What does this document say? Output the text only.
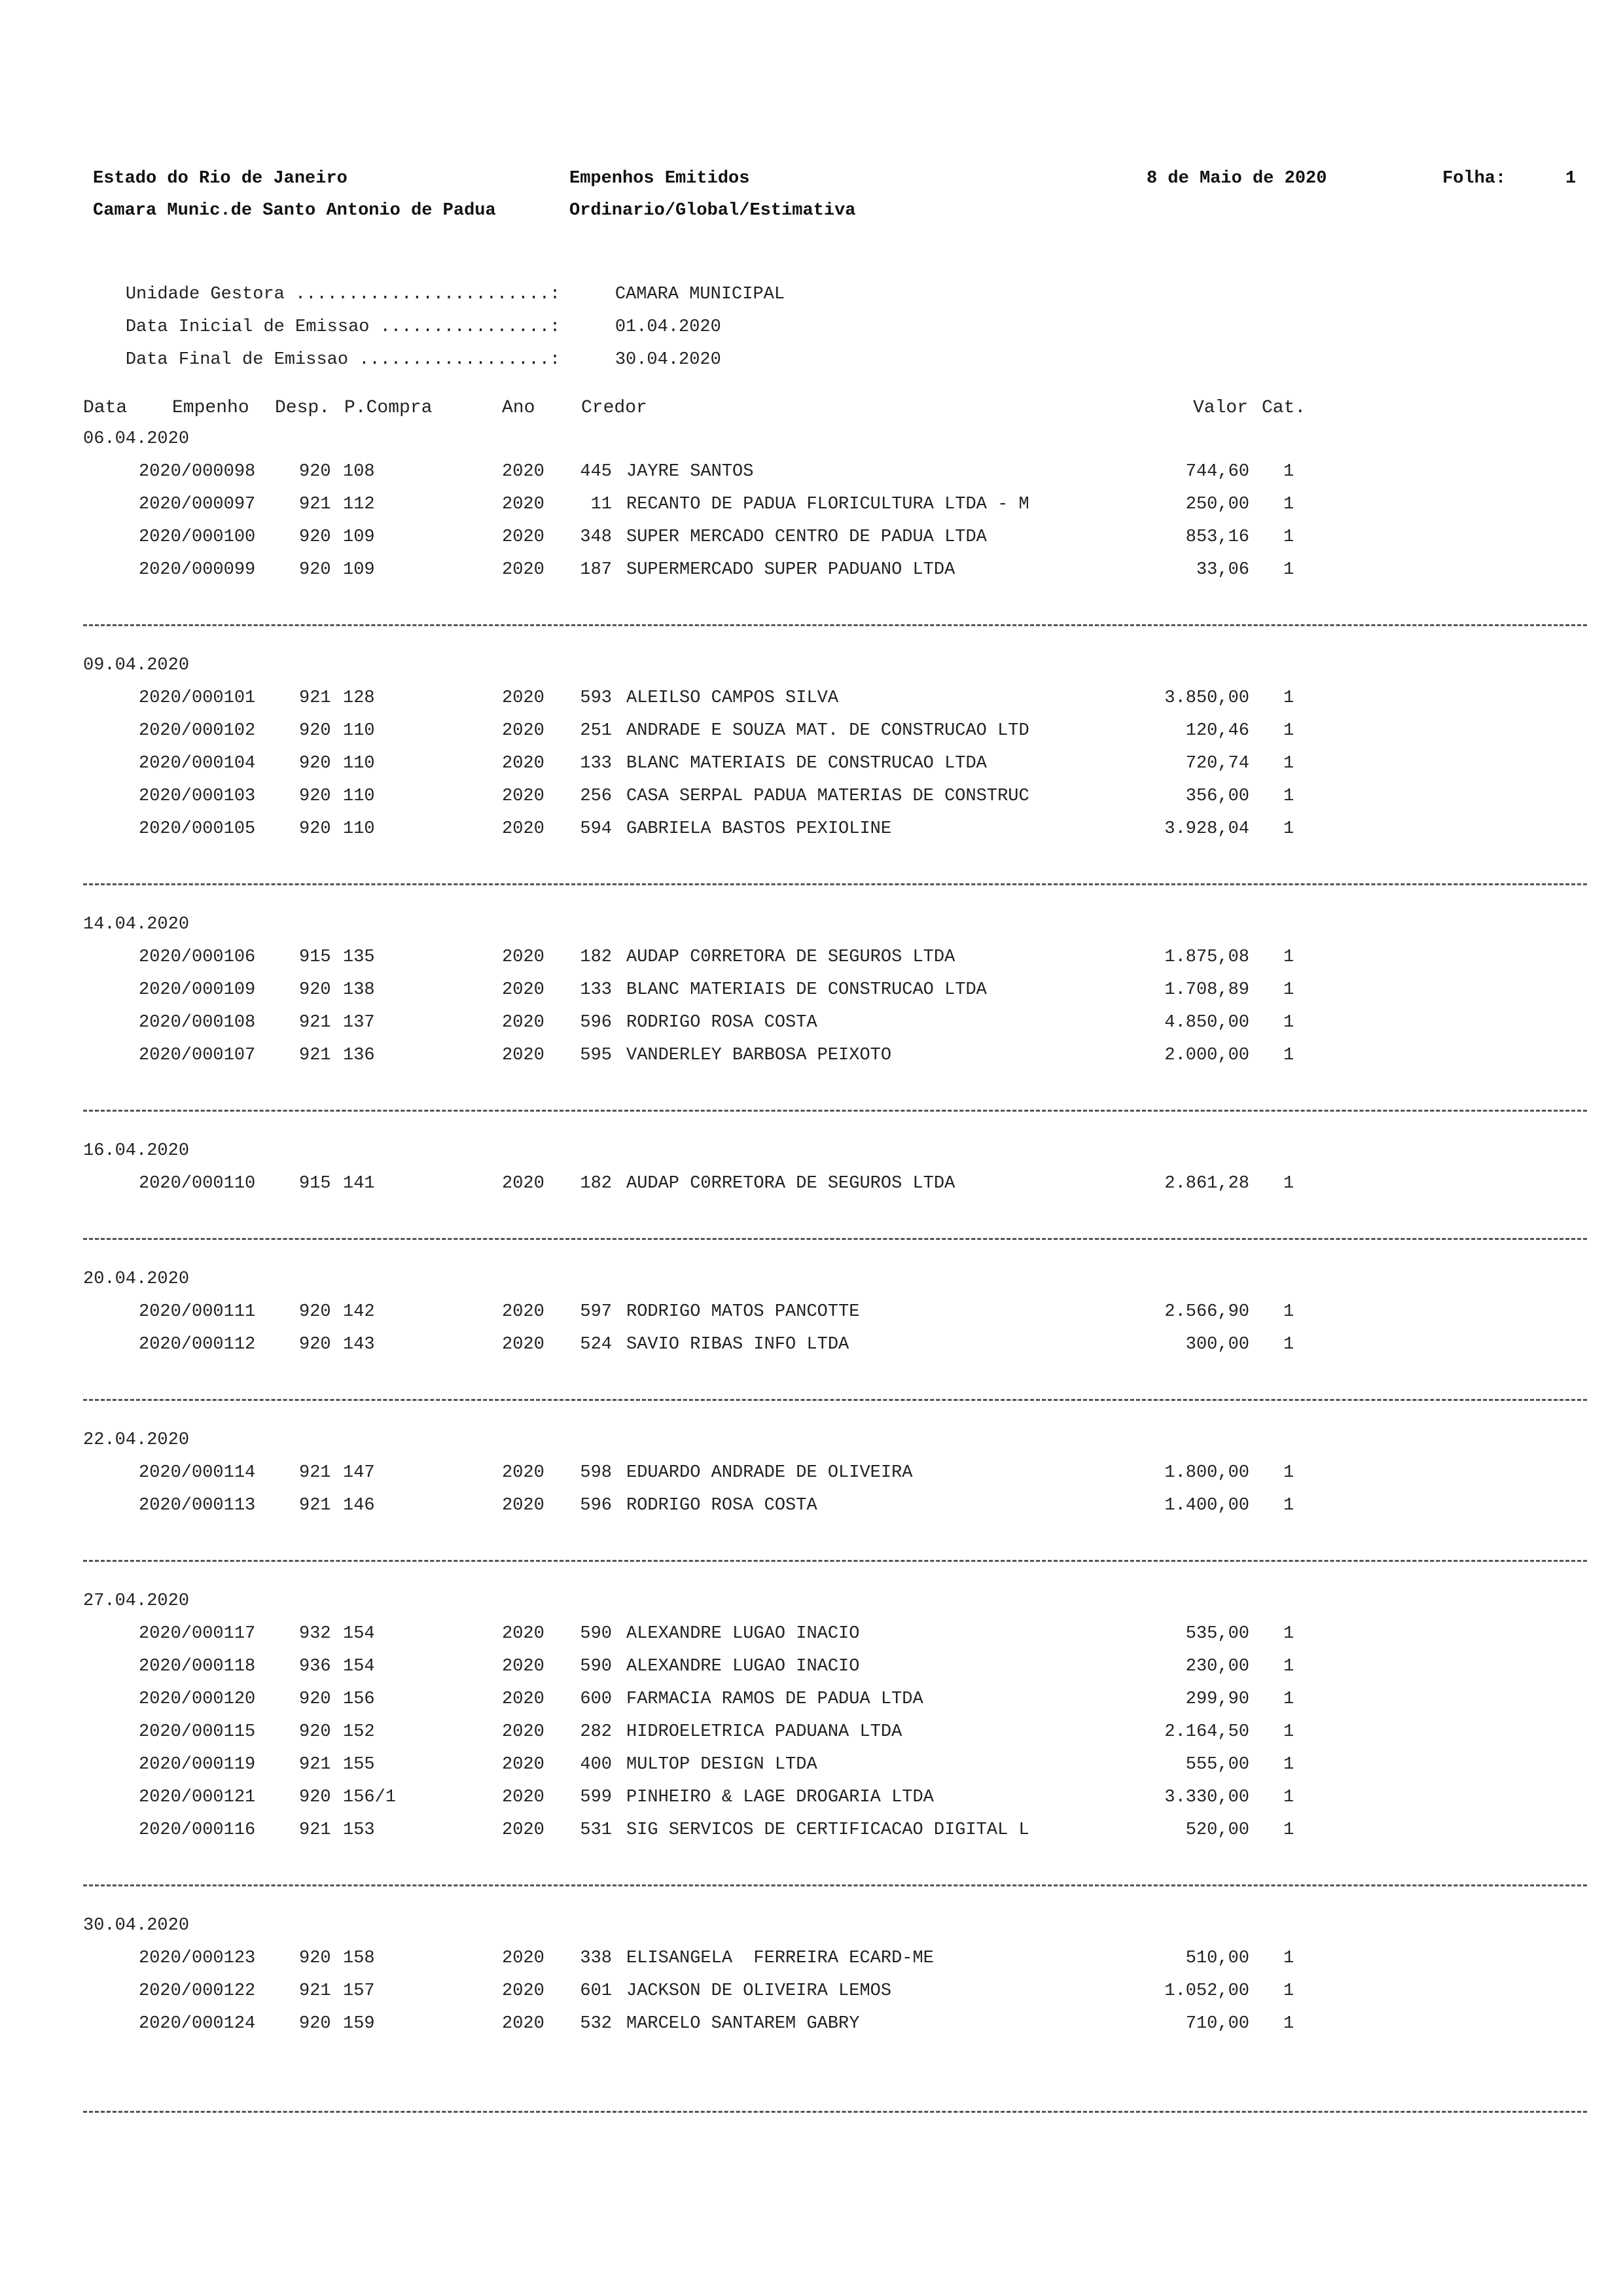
Estado do Rio de Janeiro	Empenhos Emitidos	8 de Maio de 2020	Folha:	1
Camara Munic.de Santo Antonio de Padua	Ordinario/Global/Estimativa

Unidade Gestora ........................:	CAMARA MUNICIPAL

Data Inicial de Emissao ................:	01.04.2020

Data Final de Emissao ..................:	30.04.2020

Data Empenho Desp. P.Compra	Ano	Credor	Valor Cat.
06.04.2020
2020/000098 920 108	2020	445 JAYRE SANTOS	744,60 1
2020/000097 921 112	2020	11 RECANTO DE PADUA FLORICULTURA LTDA - M	250,00 1
2020/000100 920 109	2020	348 SUPER MERCADO CENTRO DE PADUA LTDA	853,16 1
2020/000099 920 109	2020	187 SUPERMERCADO SUPER PADUANO LTDA	33,06 1
09.04.2020
2020/000101 921 128	2020	593 ALEILSO CAMPOS SILVA	3.850,00 1
2020/000102 920 110	2020	251 ANDRADE E SOUZA MAT. DE CONSTRUCAO LTD	120,46 1
2020/000104 920 110	2020	133 BLANC MATERIAIS DE CONSTRUCAO LTDA	720,74 1
2020/000103 920 110	2020	256 CASA SERPAL PADUA MATERIAS DE CONSTRUC	356,00 1
2020/000105 920 110	2020	594 GABRIELA BASTOS PEXIOLINE	3.928,04 1
14.04.2020
2020/000106 915 135	2020	182 AUDAP C0RRETORA DE SEGUROS LTDA	1.875,08 1
2020/000109 920 138	2020	133 BLANC MATERIAIS DE CONSTRUCAO LTDA	1.708,89 1
2020/000108 921 137	2020	596 RODRIGO ROSA COSTA	4.850,00 1
2020/000107 921 136	2020	595 VANDERLEY BARBOSA PEIXOTO	2.000,00 1
16.04.2020
2020/000110 915 141	2020	182 AUDAP C0RRETORA DE SEGUROS LTDA	2.861,28 1
20.04.2020
2020/000111 920 142	2020	597 RODRIGO MATOS PANCOTTE	2.566,90 1
2020/000112 920 143	2020	524 SAVIO RIBAS INFO LTDA	300,00 1
22.04.2020
2020/000114 921 147	2020	598 EDUARDO ANDRADE DE OLIVEIRA	1.800,00 1
2020/000113 921 146	2020	596 RODRIGO ROSA COSTA	1.400,00 1
27.04.2020
2020/000117 932 154	2020	590 ALEXANDRE LUGAO INACIO	535,00 1
2020/000118 936 154	2020	590 ALEXANDRE LUGAO INACIO	230,00 1
2020/000120 920 156	2020	600 FARMACIA RAMOS DE PADUA LTDA	299,90 1
2020/000115 920 152	2020	282 HIDROELETRICA PADUANA LTDA	2.164,50 1
2020/000119 921 155	2020	400 MULTOP DESIGN LTDA	555,00 1
2020/000121 920 156/1	2020	599 PINHEIRO & LAGE DROGARIA LTDA	3.330,00 1
2020/000116 921 153	2020	531 SIG SERVICOS DE CERTIFICACAO DIGITAL L	520,00 1
30.04.2020
2020/000123 920 158	2020	338 ELISANGELA  FERREIRA ECARD-ME	510,00 1
2020/000122 921 157	2020	601 JACKSON DE OLIVEIRA LEMOS	1.052,00 1
2020/000124 920 159	2020	532 MARCELO SANTAREM GABRY	710,00 1
